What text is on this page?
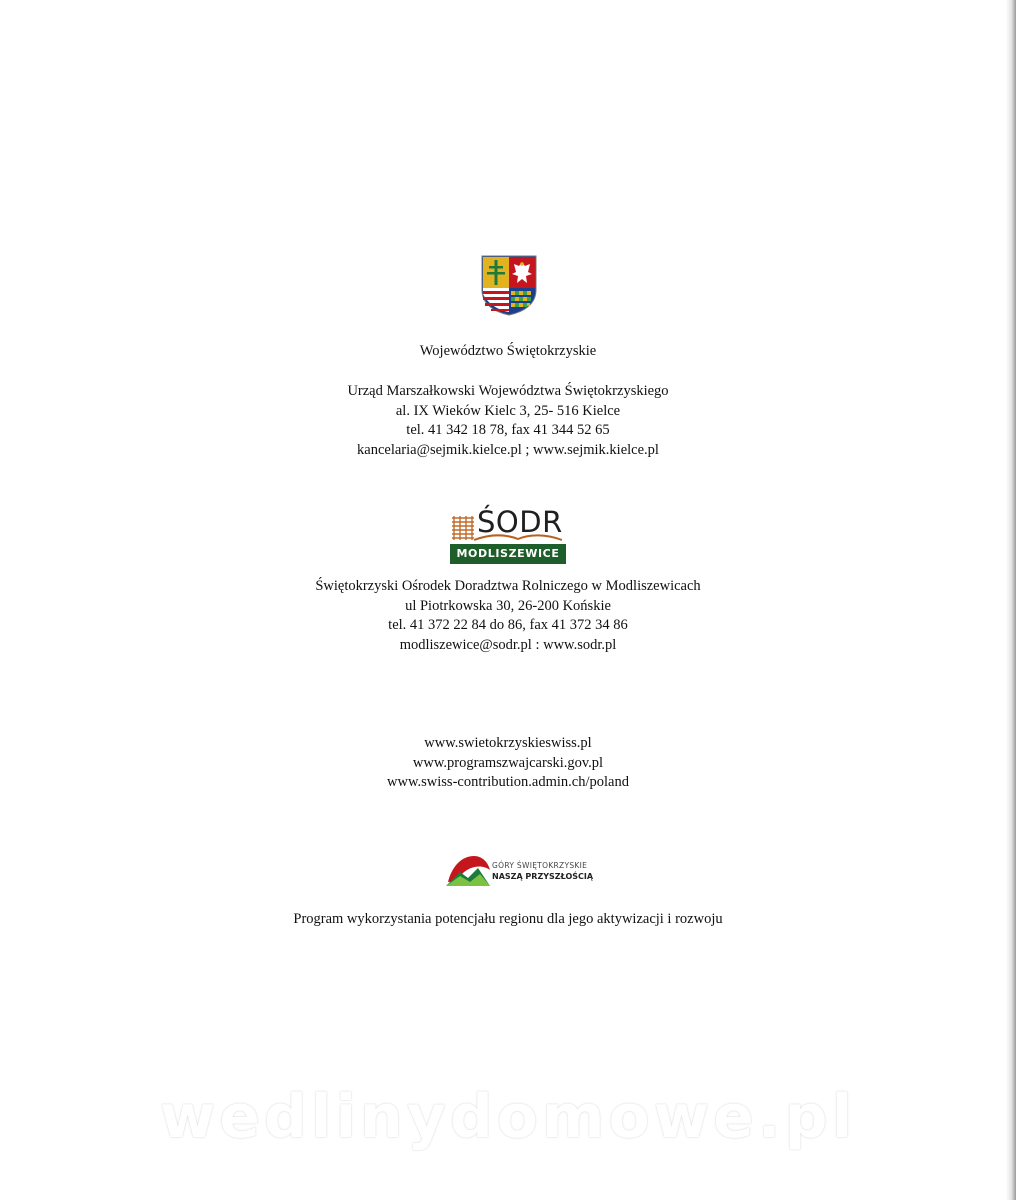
Województwo Świętokrzyskie
Urząd Marszałkowski Województwa Świętokrzyskiego
al. IX Wieków Kielc 3, 25- 516 Kielce
tel. 41 342 18 78, fax 41 344 52 65
kancelaria@sejmik.kielce.pl ; www.sejmik.kielce.pl
ŚODR
MODLISZEWICE
Świętokrzyski Ośrodek Doradztwa Rolniczego w Modliszewicach
ul Piotrkowska 30, 26-200 Końskie
tel. 41 372 22 84 do 86, fax 41 372 34 86
modliszewice@sodr.pl : www.sodr.pl
www.swietokrzyskieswiss.pl
www.programszwajcarski.gov.pl
www.swiss-contribution.admin.ch/poland
GÓRY ŚWIĘTOKRZYSKIE
NASZĄ PRZYSZŁOŚCIĄ
Program wykorzystania potencjału regionu dla jego aktywizacji i rozwoju
wedlinydomowe.pl
